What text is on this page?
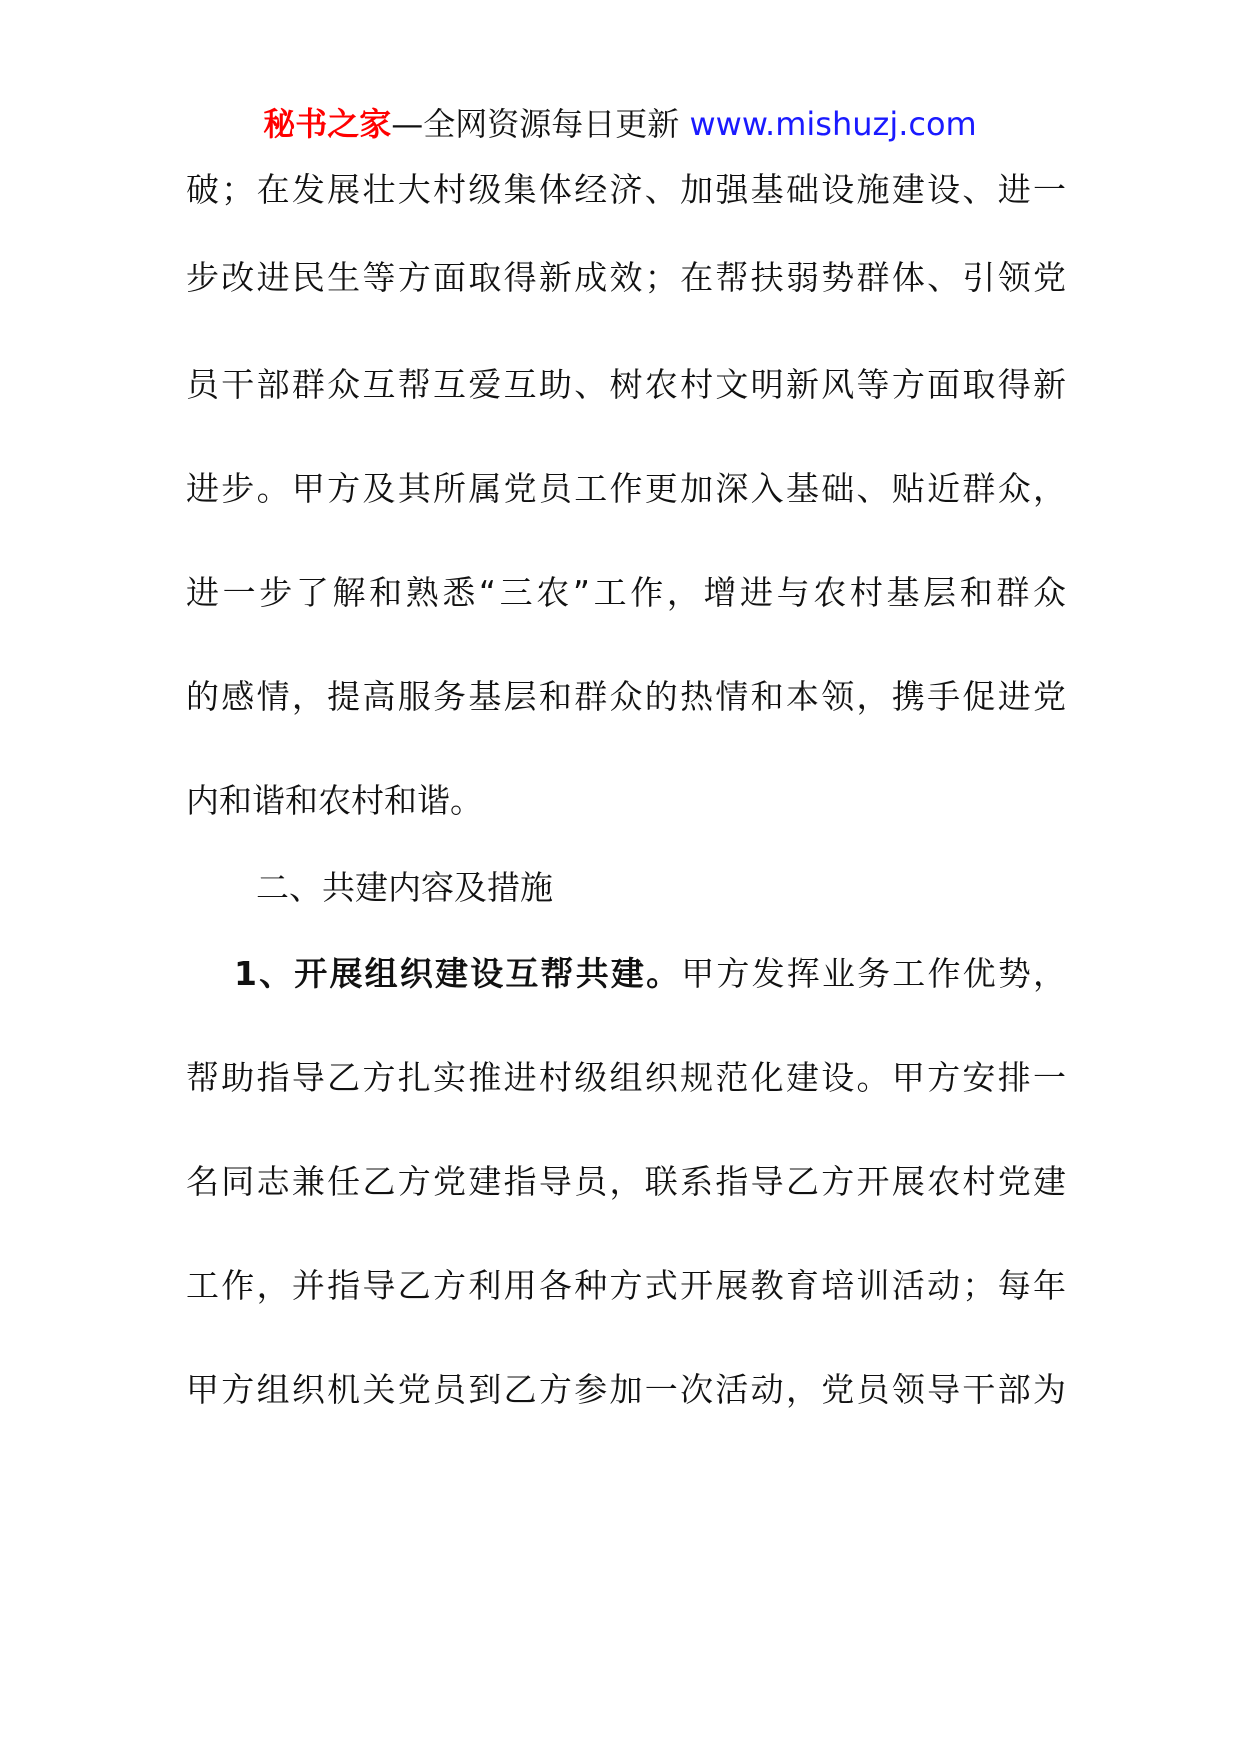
秘书之家—全网资源每日更新 www.mishuzj.com
破；在发展壮大村级集体经济、加强基础设施建设、进一
步改进民生等方面取得新成效；在帮扶弱势群体、引领党
员干部群众互帮互爱互助、树农村文明新风等方面取得新
进步。甲方及其所属党员工作更加深入基础、贴近群众，
进一步了解和熟悉“三农”工作，增进与农村基层和群众
的感情，提高服务基层和群众的热情和本领，携手促进党
内和谐和农村和谐。
二、共建内容及措施
1、开展组织建设互帮共建。甲方发挥业务工作优势，
帮助指导乙方扎实推进村级组织规范化建设。甲方安排一
名同志兼任乙方党建指导员，联系指导乙方开展农村党建
工作，并指导乙方利用各种方式开展教育培训活动；每年
甲方组织机关党员到乙方参加一次活动，党员领导干部为
